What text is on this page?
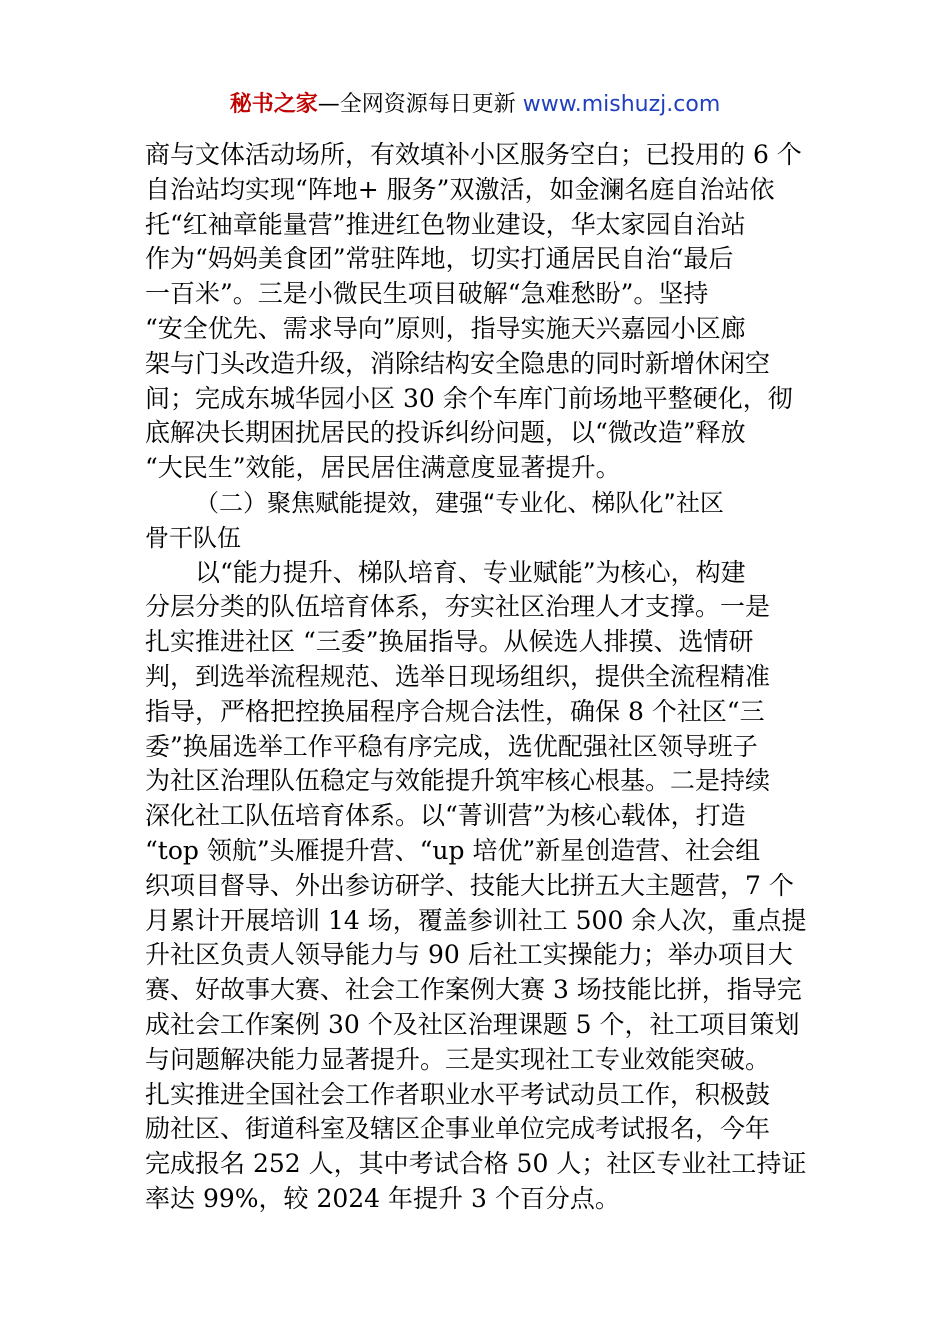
秘书之家—全网资源每日更新 www.mishuzj.com
商与文体活动场所，有效填补小区服务空白；已投用的 6 个
自治站均实现“阵地+ 服务”双激活，如金澜名庭自治站依
托“红袖章能量营”推进红色物业建设，华太家园自治站
作为“妈妈美食团”常驻阵地，切实打通居民自治“最后
一百米”。三是小微民生项目破解“急难愁盼”。坚持
“安全优先、需求导向”原则，指导实施天兴嘉园小区廊
架与门头改造升级，消除结构安全隐患的同时新增休闲空
间；完成东城华园小区 30 余个车库门前场地平整硬化，彻
底解决长期困扰居民的投诉纠纷问题，以“微改造”释放
“大民生”效能，居民居住满意度显著提升。
（二）聚焦赋能提效，建强“专业化、梯队化”社区
骨干队伍
以“能力提升、梯队培育、专业赋能”为核心，构建
分层分类的队伍培育体系，夯实社区治理人才支撑。一是
扎实推进社区 “三委”换届指导。从候选人排摸、选情研
判，到选举流程规范、选举日现场组织，提供全流程精准
指导，严格把控换届程序合规合法性，确保 8 个社区“三
委”换届选举工作平稳有序完成，选优配强社区领导班子
为社区治理队伍稳定与效能提升筑牢核心根基。二是持续
深化社工队伍培育体系。以“菁训营”为核心载体，打造
“top 领航”头雁提升营、“up 培优”新星创造营、社会组
织项目督导、外出参访研学、技能大比拼五大主题营，7 个
月累计开展培训 14 场，覆盖参训社工 500 余人次，重点提
升社区负责人领导能力与 90 后社工实操能力；举办项目大
赛、好故事大赛、社会工作案例大赛 3 场技能比拼，指导完
成社会工作案例 30 个及社区治理课题 5 个，社工项目策划
与问题解决能力显著提升。三是实现社工专业效能突破。
扎实推进全国社会工作者职业水平考试动员工作，积极鼓
励社区、街道科室及辖区企事业单位完成考试报名，今年
完成报名 252 人，其中考试合格 50 人；社区专业社工持证
率达 99%，较 2024 年提升 3 个百分点。
